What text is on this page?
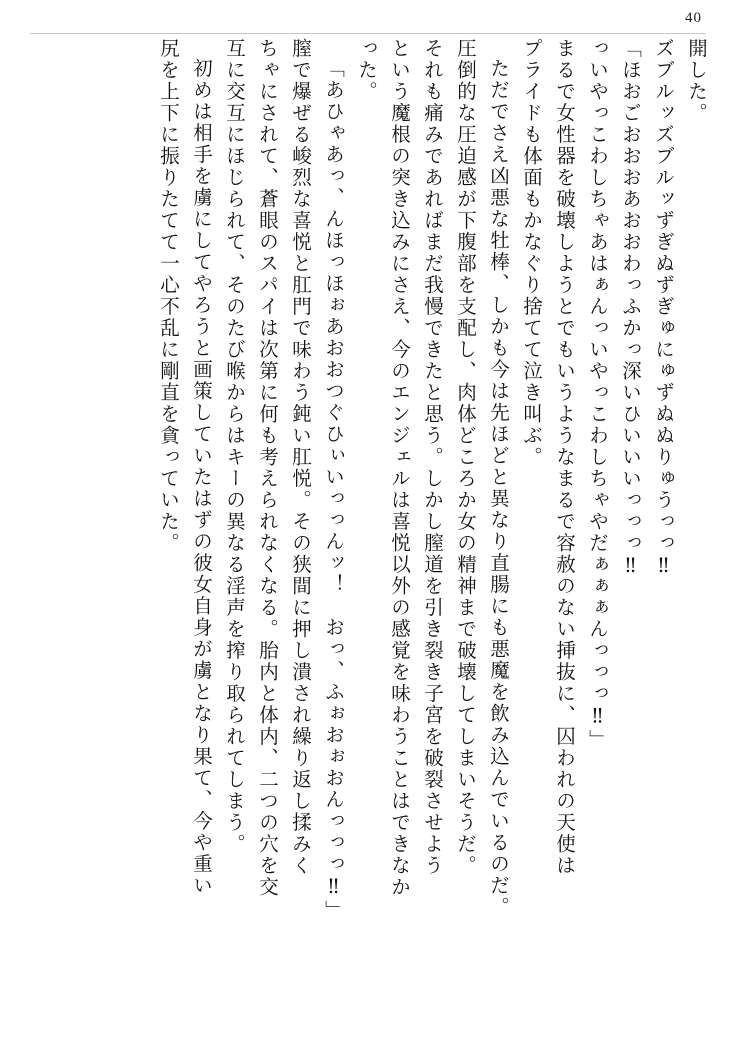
40
開した。
ズブルッズブルッずぎぬずぎゅにゅずぬぬりゅうっっ‼
「ほおごおおおあおおわっふかっ深いひいいいっっっ‼
っいやっこわしちゃあはぁんっいやっこわしちゃやだぁぁぁんっっっ‼」
まるで女性器を破壊しようとでもいうようなまるで容赦のない挿抜に、囚われの天使は
プライドも体面もかなぐり捨てて泣き叫ぶ。
ただでさえ凶悪な牡棒、しかも今は先ほどと異なり直腸にも悪魔を飲み込んでいるのだ。
圧倒的な圧迫感が下腹部を支配し、肉体どころか女の精神まで破壊してしまいそうだ。
それも痛みであればまだ我慢できたと思う。しかし膣道を引き裂き子宮を破裂させよう
という魔根の突き込みにさえ、今のエンジェルは喜悦以外の感覚を味わうことはできなか
った。
「あひゃあっ、んほっほぉあおおつぐひぃいっっんッ！　おっ、ふぉおぉおんっっっ‼」
膣で爆ぜる峻烈な喜悦と肛門で味わう鈍い肛悦。その狭間に押し潰され繰り返し揉みく
ちゃにされて、蒼眼のスパイは次第に何も考えられなくなる。胎内と体内、二つの穴を交
互に交互にほじられて、そのたび喉からはキーの異なる淫声を搾り取られてしまう。
初めは相手を虜にしてやろうと画策していたはずの彼女自身が虜となり果て、今や重い
尻を上下に振りたてて一心不乱に剛直を貪っていた。
